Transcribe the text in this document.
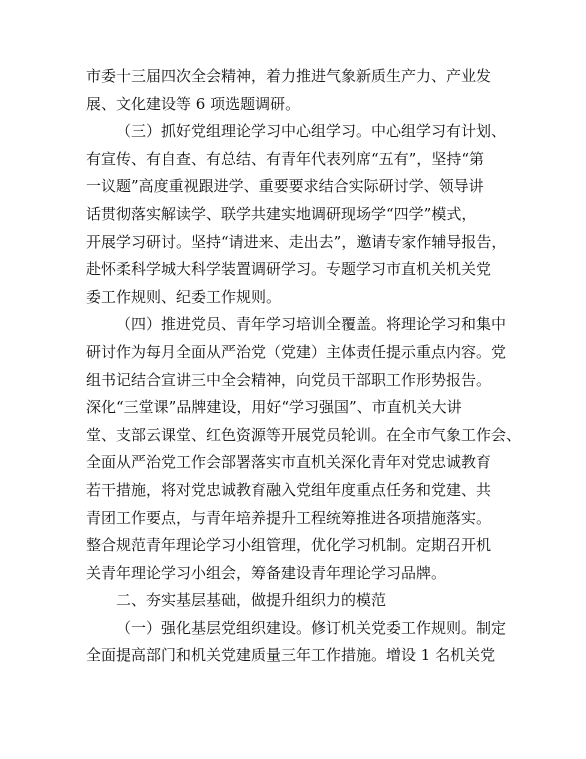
市委十三届四次全会精神，着力推进气象新质生产力、产业发
展、文化建设等 6 项选题调研。
（三）抓好党组理论学习中心组学习。中心组学习有计划、
有宣传、有自查、有总结、有青年代表列席“五有”，坚持“第
一议题”高度重视跟进学、重要要求结合实际研讨学、领导讲
话贯彻落实解读学、联学共建实地调研现场学“四学”模式，
开展学习研讨。坚持“请进来、走出去”，邀请专家作辅导报告，
赴怀柔科学城大科学装置调研学习。专题学习市直机关机关党
委工作规则、纪委工作规则。
（四）推进党员、青年学习培训全覆盖。将理论学习和集中
研讨作为每月全面从严治党（党建）主体责任提示重点内容。党
组书记结合宣讲三中全会精神，向党员干部职工作形势报告。
深化“三堂课”品牌建设，用好“学习强国”、市直机关大讲
堂、支部云课堂、红色资源等开展党员轮训。在全市气象工作会、
全面从严治党工作会部署落实市直机关深化青年对党忠诚教育
若干措施，将对党忠诚教育融入党组年度重点任务和党建、共
青团工作要点，与青年培养提升工程统筹推进各项措施落实。
整合规范青年理论学习小组管理，优化学习机制。定期召开机
关青年理论学习小组会，筹备建设青年理论学习品牌。
二、夯实基层基础，做提升组织力的模范
（一）强化基层党组织建设。修订机关党委工作规则。制定
全面提高部门和机关党建质量三年工作措施。增设 1 名机关党
